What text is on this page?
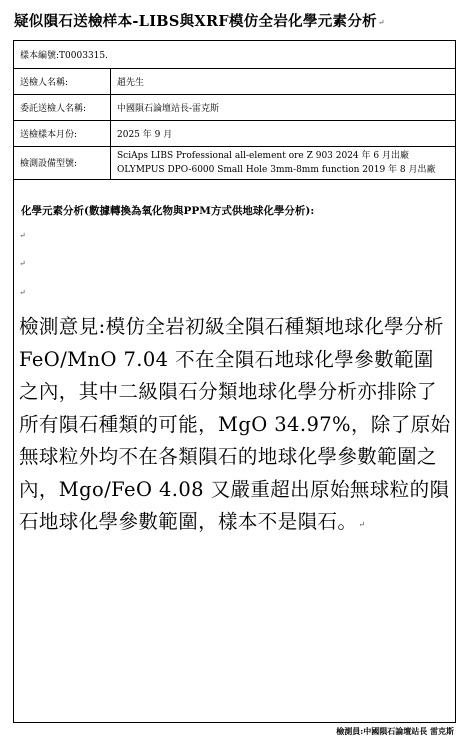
疑似隕石送檢样本-LIBS與XRF模仿全岩化學元素分析↵
樣本編號:T0003315.	
送檢人名稱:	趙先生
委託送檢人名稱:	中國隕石論壇站長-雷克斯
送檢樣本月份:	2025 年 9 月
檢測設備型號:	SciAps LIBS Professional all-element ore Z 903 2024 年 6 月出廠
OLYMPUS DPO-6000 Small Hole 3mm-8mm function 2019 年 8 月出廠
化學元素分析(數據轉換為氧化物與PPM方式供地球化學分析):
↵
↵
↵
檢測意見:模仿全岩初級全隕石種類地球化學分析 FeO/MnO 7.04 不在全隕石地球化學參數範圍之內，其中二級隕石分類地球化學分析亦排除了所有隕石種類的可能，MgO 34.97%，除了原始無球粒外均不在各類隕石的地球化學參數範圍之內，Mgo/FeO 4.08 又嚴重超出原始無球粒的隕石地球化學參數範圍，樣本不是隕石。↵
檢測員:中國隕石論壇站長 雷克斯
